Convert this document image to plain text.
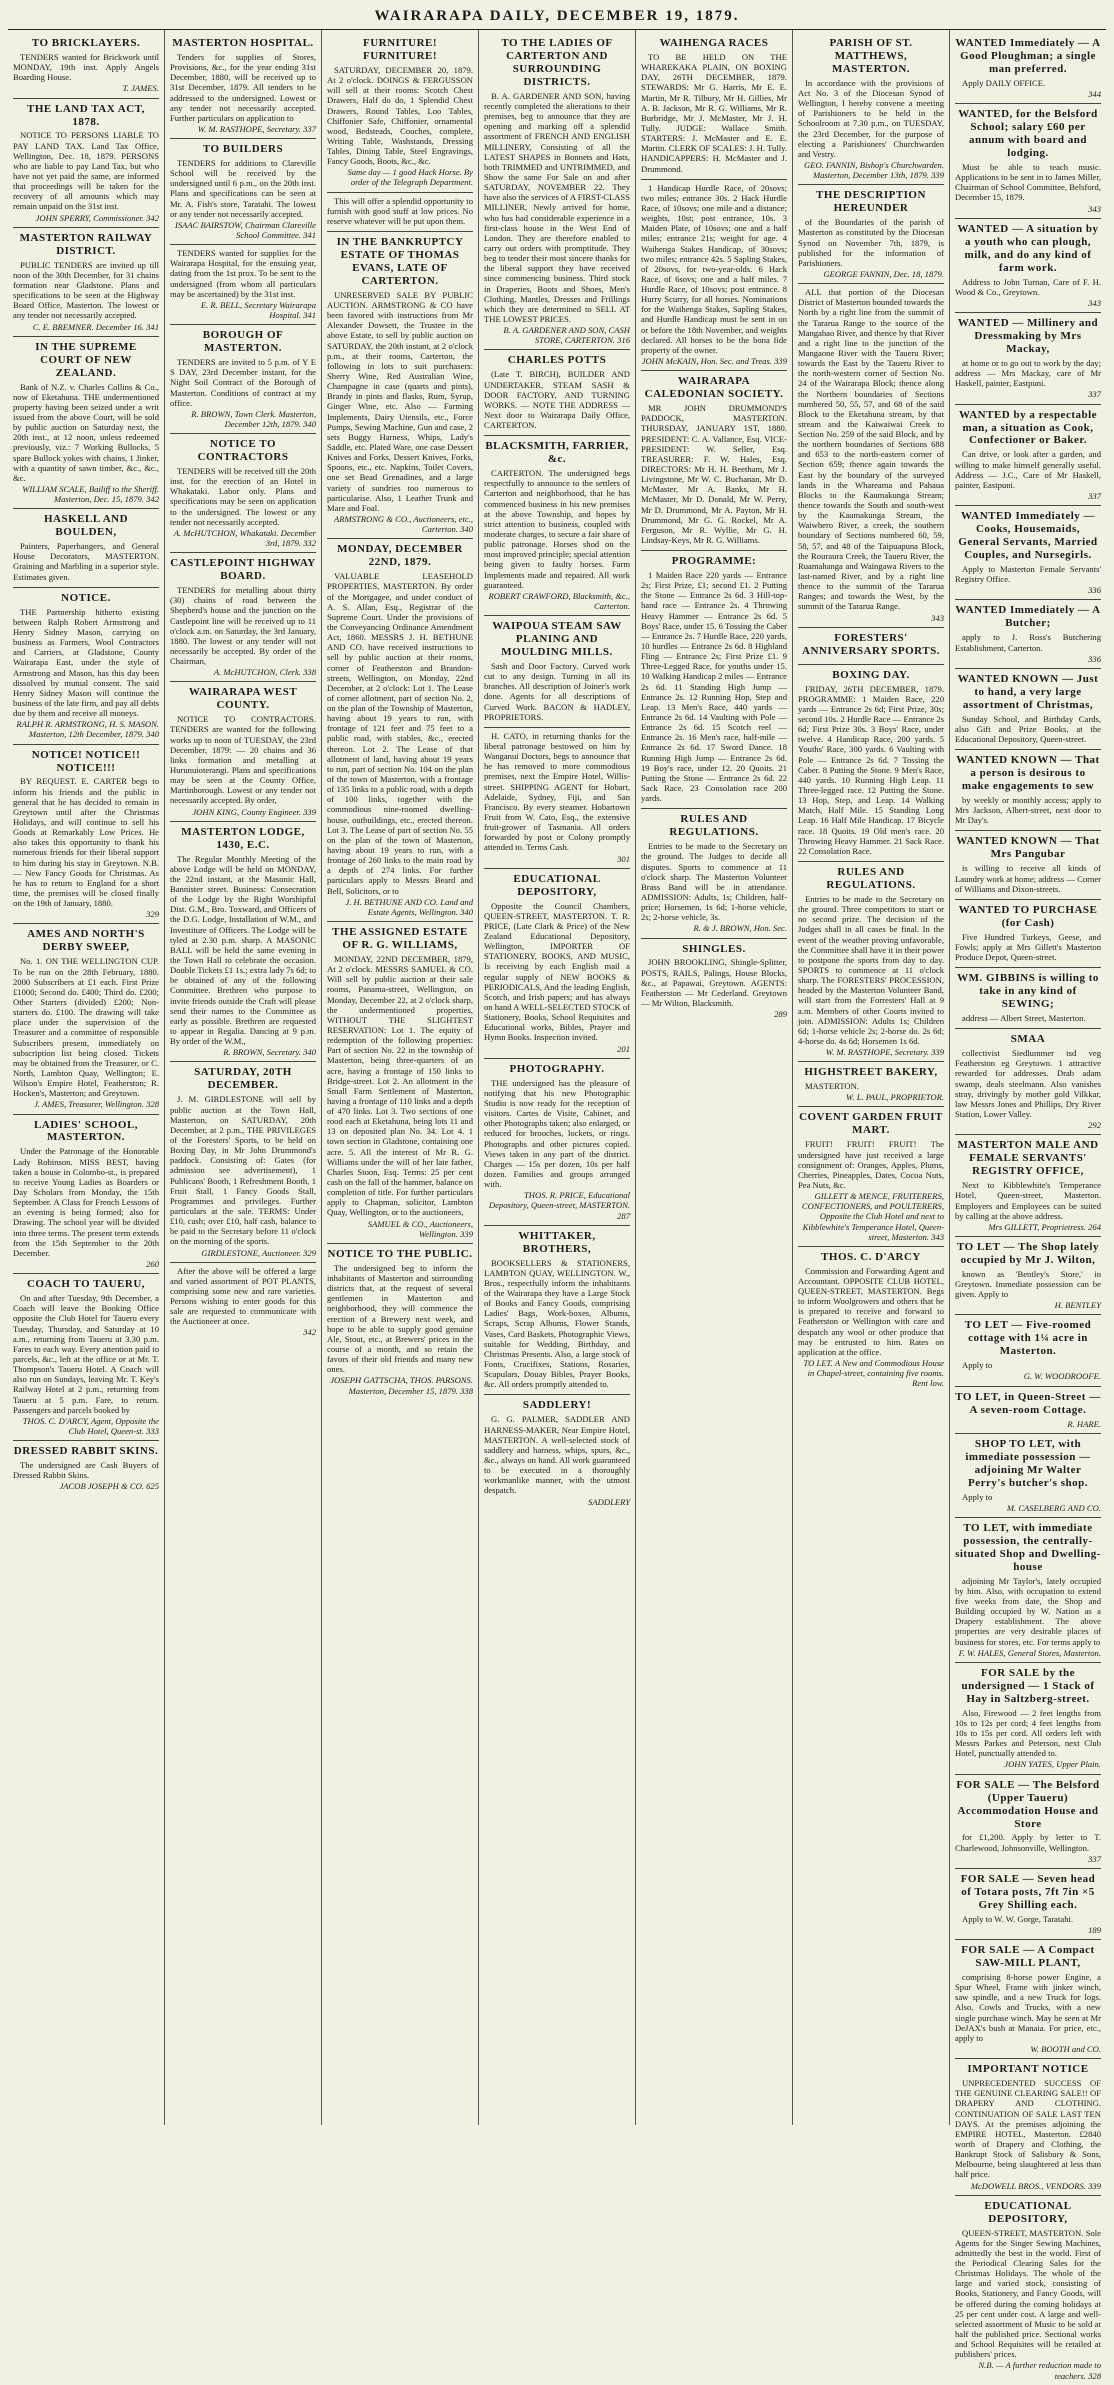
WAIRARAPA DAILY, DECEMBER 19, 1879.
TO BRICKLAYERS.
TENDERS wanted for Brickwork until MONDAY, 19th inst. Apply Angels Boarding House.
T. JAMES.
THE LAND TAX ACT, 1878.
NOTICE TO PERSONS LIABLE TO PAY LAND TAX. Land Tax Office, Wellington, Dec. 18, 1879. PERSONS who are liable to pay Land Tax, but who have not yet paid the same, are informed that proceedings will be taken for the recovery of all amounts which may remain unpaid on the 31st inst.
JOHN SPERRY, Commissioner. 342
MASTERTON RAILWAY DISTRICT.
PUBLIC TENDERS are invited up till noon of the 30th December, for 31 chains formation near Gladstone. Plans and specifications to be seen at the Highway Board Office, Masterton. The lowest or any tender not necessarily accepted.
C. E. BREMNER. December 16. 341
IN THE SUPREME COURT OF NEW ZEALAND.
Bank of N.Z. v. Charles Collins & Co., now of Eketahuna. THE undermentioned property having been seized under a writ issued from the above Court, will be sold by public auction on Saturday next, the 20th inst., at 12 noon, unless redeemed previously, viz.: 7 Working Bullocks, 5 spare Bullock yokes with chains, 1 Jinker, with a quantity of sawn timber, &c., &c., &c.
WILLIAM SCALE, Bailiff to the Sheriff. Masterton, Dec. 15, 1879. 342
HASKELL AND BOULDEN,
Painters, Paperhangers, and General House Decorators, MASTERTON. Graining and Marbling in a superior style. Estimates given.
NOTICE.
THE Partnership hitherto existing between Ralph Robert Armstrong and Henry Sidney Mason, carrying on business as Farmers, Wool Contractors and Carriers, at Gladstone, County Wairarapa East, under the style of Armstrong and Mason, has this day been dissolved by mutual consent. The said Henry Sidney Mason will continue the business of the late firm, and pay all debts due by them and receive all moneys.
RALPH R. ARMSTRONG, H. S. MASON. Masterton, 12th December, 1879. 340
NOTICE! NOTICE!! NOTICE!!!
BY REQUEST. E. CARTER begs to inform his friends and the public in general that he has decided to remain in Greytown until after the Christmas Holidays, and will continue to sell his Goods at Remarkably Low Prices. He also takes this opportunity to thank his numerous friends for their liberal support to him during his stay in Greytown. N.B. — New Fancy Goods for Christmas. As he has to return to England for a short time, the premises will be closed finally on the 19th of January, 1880.
329
AMES AND NORTH'S DERBY SWEEP,
No. 1. ON THE WELLINGTON CUP. To be run on the 28th February, 1880. 2000 Subscribers at £1 each. First Prize £1000; Second do. £400; Third do. £200; Other Starters (divided) £200; Non-starters do. £100. The drawing will take place under the supervision of the Treasurer and a committee of responsible Subscribers present, immediately on subscription list being closed. Tickets may be obtained from the Treasurer, or C. North, Lambton Quay, Wellington; E. Wilson's Empire Hotel, Featherston; R. Hocken's, Masterton; and Greytown.
J. AMES, Treasurer, Wellington. 328
LADIES' SCHOOL, MASTERTON.
Under the Patronage of the Honorable Lady Robinson. MISS BEST, having taken a house in Colombo-st., is prepared to receive Young Ladies as Boarders or Day Scholars from Monday, the 15th September. A Class for French Lessons of an evening is being formed; also for Drawing. The school year will be divided into three terms. The present term extends from the 15th September to the 20th December.
260
COACH TO TAUERU,
On and after Tuesday, 9th December, a Coach will leave the Booking Office opposite the Club Hotel for Taueru every Tuesday, Thursday, and Saturday at 10 a.m., returning from Taueru at 3.30 p.m. Fares to each way. Every attention paid to parcels, &c., left at the office or at Mr. T. Thompson's Taueru Hotel. A Coach will also run on Sundays, leaving Mr. T. Key's Railway Hotel at 2 p.m., returning from Taueru at 5 p.m. Fare, to return. Passengers and parcels booked by
THOS. C. D'ARCY, Agent, Opposite the Club Hotel, Queen-st. 333
DRESSED RABBIT SKINS.
The undersigned are Cash Buyers of Dressed Rabbit Skins.
JACOB JOSEPH & CO. 625
MASTERTON HOSPITAL.
Tenders for supplies of Stores, Provisions, &c., for the year ending 31st December, 1880, will be received up to 31st December, 1879. All tenders to be addressed to the undersigned. Lowest or any tender not necessarily accepted. Further particulars on application to
W. M. RASTHOPE, Secretary. 337
TO BUILDERS
TENDERS for additions to Clareville School will be received by the undersigned until 6 p.m., on the 20th inst. Plans and specifications can be seen at Mr. A. Fish's store, Taratahi. The lowest or any tender not necessarily accepted.
ISAAC BAIRSTOW, Chairman Clareville School Committee. 341
TENDERS wanted for supplies for the Wairarapa Hospital, for the ensuing year, dating from the 1st prox. To be sent to the undersigned (from whom all particulars may be ascertained) by the 31st inst.
E. R. BELL, Secretary Wairarapa Hospital. 341
BOROUGH OF MASTERTON.
TENDERS are invited to 5 p.m. of Y E S DAY, 23rd December instant, for the Night Soil Contract of the Borough of Masterton. Conditions of contract at my office.
R. BROWN, Town Clerk. Masterton, December 12th, 1879. 340
NOTICE TO CONTRACTORS
TENDERS will be received till the 20th inst. for the erection of an Hotel in Whakataki. Labor only. Plans and specifications may be seen on application to the undersigned. The lowest or any tender not necessarily accepted.
A. McHUTCHON, Whakataki. December 3rd, 1879. 332
CASTLEPOINT HIGHWAY BOARD.
TENDERS for metalling about thirty (30) chains of road between the Shepherd's house and the junction on the Castlepoint line will be received up to 11 o'clock a.m. on Saturday, the 3rd January, 1880. The lowest or any tender will not necessarily be accepted. By order of the Chairman,
A. McHUTCHON, Clerk. 338
WAIRARAPA WEST COUNTY.
NOTICE TO CONTRACTORS. TENDERS are wanted for the following works up to noon of TUESDAY, the 23rd December, 1879: — 20 chains and 36 links formation and metalling at Hurunuioterangi. Plans and specifications may be seen at the County Office, Martinborough. Lowest or any tender not necessarily accepted. By order,
JOHN KING, County Engineer. 339
MASTERTON LODGE, 1430, E.C.
The Regular Monthly Meeting of the above Lodge will be held on MONDAY, the 22nd instant, at the Masonic Hall, Bannister street. Business: Consecration of the Lodge by the Right Worshipful Dist. G.M., Bro. Toxward, and Officers of the D.G. Lodge, Installation of W.M., and Investiture of Officers. The Lodge will be tyled at 2.30 p.m. sharp. A MASONIC BALL will be held the same evening in the Town Hall to celebrate the occasion. Double Tickets £1 1s.; extra lady 7s 6d; to be obtained of any of the following Committee. Brethren who purpose to invite friends outside the Craft will please send their names to the Committee as early as possible. Brethren are requested to appear in Regalia. Dancing at 9 p.m. By order of the W.M.,
R. BROWN, Secretary. 340
SATURDAY, 20TH DECEMBER.
J. M. GIRDLESTONE will sell by public auction at the Town Hall, Masterton, on SATURDAY, 20th December, at 2 p.m., THE PRIVILEGES of the Foresters' Sports, to be held on Boxing Day, in Mr John Drummond's paddock. Consisting of: Gates (for admission see advertisement), 1 Publicans' Booth, 1 Refreshment Booth, 1 Fruit Stall, 1 Fancy Goods Stall, Programmes and privileges. Further particulars at the sale. TERMS: Under £10, cash; over £10, half cash, balance to be paid to the Secretary before 11 o'clock on the morning of the sports.
GIRDLESTONE, Auctioneer. 329
After the above will be offered a large and varied assortment of POT PLANTS, comprising some new and rare varieties. Persons wishing to enter goods for this sale are requested to communicate with the Auctioneer at once.
342
FURNITURE! FURNITURE!
SATURDAY, DECEMBER 20, 1879. At 2 o'clock. DOINGS & FERGUSSON will sell at their rooms: Scotch Chest Drawers, Half do do, 1 Splendid Chest Drawers, Round Tables, Loo Tables, Chiffonier Safe, Chiffonier, ornamental wood, Bedsteads, Couches, complete, Writing Table, Washstands, Dressing Tables, Dining Table, Steel Engravings, Fancy Goods, Boots, &c., &c.
Same day — 1 good Hack Horse. By order of the Telegraph Department.
This will offer a splendid opportunity to furnish with good stuff at low prices. No reserve whatever will be put upon them.
IN THE BANKRUPTCY ESTATE OF THOMAS EVANS, LATE OF CARTERTON.
UNRESERVED SALE BY PUBLIC AUCTION. ARMSTRONG & CO have been favored with instructions from Mr Alexander Dowsett, the Trustee in the above Estate, to sell by public auction on SATURDAY, the 20th instant, at 2 o'clock p.m., at their rooms, Carterton, the following in lots to suit purchasers: Sherry Wine, Red Australian Wine, Champagne in case (quarts and pints), Brandy in pints and flasks, Rum, Syrup, Ginger Wine, etc. Also — Farming Implements, Dairy Utensils, etc., Force Pumps, Sewing Machine, Gun and case, 2 sets Buggy Harness, Whips, Lady's Saddle, etc. Plated Ware, one case Dessert Knives and Forks, Dessert Knives, Forks, Spoons, etc., etc. Napkins, Toilet Covers, one set Bead Grenadines, and a large variety of sundries too numerous to particularise. Also, 1 Leather Trunk and Mare and Foal.
ARMSTRONG & CO., Auctioneers, etc., Carterton. 340
MONDAY, DECEMBER 22ND, 1879.
VALUABLE LEASEHOLD PROPERTIES, MASTERTON. By order of the Mortgagee, and under conduct of A. S. Allan, Esq., Registrar of the Supreme Court. Under the provisions of the Conveyancing Ordinance Amendment Act, 1860. MESSRS J. H. BETHUNE AND CO. have received instructions to sell by public auction at their rooms, corner of Featherston and Brandon-streets, Wellington, on Monday, 22nd December, at 2 o'clock: Lot 1. The Lease of corner allotment, part of section No. 2, on the plan of the Township of Masterton, having about 19 years to run, with frontage of 121 feet and 75 feet to a public road, with stables, &c., erected thereon. Lot 2. The Lease of that allotment of land, having about 19 years to run, part of section No. 104 on the plan of the town of Masterton, with a frontage of 135 links to a public road, with a depth of 100 links, together with the commodious nine-roomed dwelling-house, outbuildings, etc., erected thereon. Lot 3. The Lease of part of section No. 55 on the plan of the town of Masterton, having about 19 years to run, with a frontage of 260 links to the main road by a depth of 274 links. For further particulars apply to Messrs Beard and Bell, Solicitors, or to
J. H. BETHUNE AND CO. Land and Estate Agents, Wellington. 340
THE ASSIGNED ESTATE OF R. G. WILLIAMS,
MONDAY, 22ND DECEMBER, 1879, At 2 o'clock. MESSRS SAMUEL & CO. Will sell by public auction at their sale rooms, Panama-street, Wellington, on Monday, December 22, at 2 o'clock sharp, the undermentioned properties, WITHOUT THE SLIGHTEST RESERVATION: Lot 1. The equity of redemption of the following properties: Part of section No. 22 in the township of Masterton, being three-quarters of an acre, having a frontage of 150 links to Bridge-street. Lot 2. An allotment in the Small Farm Settlement of Masterton, having a frontage of 110 links and a depth of 470 links. Lot 3. Two sections of one rood each at Eketahuna, being lots 11 and 13 on deposited plan No. 34. Lot 4. 1 town section in Gladstone, containing one acre. 5. All the interest of Mr R. G. Williams under the will of her late father, Charles Stoon, Esq. Terms: 25 per cent cash on the fall of the hammer, balance on completion of title. For further particulars apply to Chapman, solicitor, Lambton Quay, Wellington, or to the auctioneers,
SAMUEL & CO., Auctioneers, Wellington. 339
NOTICE TO THE PUBLIC.
The undersigned beg to inform the inhabitants of Masterton and surrounding districts that, at the request of several gentlemen in Masterton and neighborhood, they will commence the erection of a Brewery next week, and hope to be able to supply good genuine Ale, Stout, etc., at Brewers' prices in the course of a month, and so retain the favors of their old friends and many new ones.
JOSEPH GATTSCHA, THOS. PARSONS. Masterton, December 15, 1879. 338
TO THE LADIES OF CARTERTON AND SURROUNDING DISTRICTS.
B. A. GARDENER AND SON, having recently completed the alterations to their premises, beg to announce that they are opening and marking off a splendid assortment of FRENCH AND ENGLISH MILLINERY, Consisting of all the LATEST SHAPES in Bonnets and Hats, both TRIMMED and UNTRIMMED, and Show the same For Sale on and after SATURDAY, NOVEMBER 22. They have also the services of A FIRST-CLASS MILLINER, Newly arrived for home, who has had considerable experience in a first-class house in the West End of London. They are therefore enabled to carry out orders with promptitude. They beg to tender their most sincere thanks for the liberal support they have received since commencing business. Third stock in Draperies, Boots and Shoes, Men's Clothing, Mantles, Dresses and Frillings which they are determined to SELL AT THE LOWEST PRICES.
B. A. GARDENER AND SON, CASH STORE, CARTERTON. 316
CHARLES POTTS
(Late T. BIRCH), BUILDER AND UNDERTAKER, STEAM SASH & DOOR FACTORY, AND TURNING WORKS. — NOTE THE ADDRESS — Next door to Wairarapa Daily Office, CARTERTON.
BLACKSMITH, FARRIER, &c.
CARTERTON. The undersigned begs respectfully to announce to the settlers of Carterton and neighborhood, that he has commenced business in his new premises at the above Township, and hopes by strict attention to business, coupled with moderate charges, to secure a fair share of public patronage. Horses shod on the most improved principle; special attention being given to faulty horses. Farm Implements made and repaired. All work guaranteed.
ROBERT CRAWFORD, Blacksmith, &c., Carterton.
WAIPOUA STEAM SAW PLANING AND MOULDING MILLS.
Sash and Door Factory. Curved work cut to any design. Turning in all its branches. All description of Joiner's work done. Agents for all descriptions of Curved Work. BACON & HADLEY, PROPRIETORS.
H. CATO, in returning thanks for the liberal patronage bestowed on him by Wanganui Doctors, begs to announce that he has removed to more commodious premises, next the Empire Hotel, Willis-street. SHIPPING AGENT for Hobart, Adelaide, Sydney, Fiji, and San Francisco. By every steamer. Hobartown Fruit from W. Cato, Esq., the extensive fruit-grower of Tasmania. All orders forwarded by post or Colony promptly attended to. Terms Cash.
301
EDUCATIONAL DEPOSITORY,
Opposite the Council Chambers, QUEEN-STREET, MASTERTON. T. R. PRICE, (Late Clark & Price) of the New Zealand Educational Depository, Wellington, IMPORTER OF STATIONERY, BOOKS, AND MUSIC, Is receiving by each English mail a regular supply of NEW BOOKS & PERIODICALS, And the leading English, Scotch, and Irish papers; and has always on hand A WELL-SELECTED STOCK of Stationery, Books, School Requisites and Educational works, Bibles, Prayer and Hymn Books. Inspection invited.
201
PHOTOGRAPHY.
THE undersigned has the pleasure of notifying that his new Photographic Studio is now ready for the reception of visitors. Cartes de Visite, Cabinet, and other Photographs taken; also enlarged, or reduced for brooches, lockets, or rings. Photographs and other pictures copied. Views taken in any part of the district. Charges — 15s per dozen, 10s per half dozen. Families and groups arranged with.
THOS. R. PRICE, Educational Depository, Queen-street, MASTERTON. 287
WHITTAKER, BROTHERS,
BOOKSELLERS & STATIONERS, LAMBTON QUAY, WELLINGTON. W., Bros., respectfully inform the inhabitants of the Wairarapa they have a Large Stock of Books and Fancy Goods, comprising Ladies' Bags, Work-boxes, Albums, Scraps, Scrap Albums, Flower Stands, Vases, Card Baskets, Photographic Views, suitable for Wedding, Birthday, and Christmas Presents. Also, a large stock of Fonts, Crucifixes, Stations, Rosaries, Scapulars, Douay Bibles, Prayer Books, &c. All orders promptly attended to.
SADDLERY!
G. G. PALMER, SADDLER AND HARNESS-MAKER, Near Empire Hotel, MASTERTON. A well-selected stock of saddlery and harness, whips, spurs, &c., &c., always on hand. All work guaranteed to be executed in a thoroughly workmanlike manner, with the utmost despatch.
SADDLERY
WAIHENGA RACES
TO BE HELD ON THE WHAREKAKA PLAIN, ON BOXING DAY, 26TH DECEMBER, 1879. STEWARDS: Mr G. Harris, Mr E. E. Martin, Mr R. Tilbury, Mr H. Gillies, Mr A. B. Jackson, Mr R. G. Williams, Mr R. Burbridge, Mr J. McMaster, Mr J. H. Tully. JUDGE: Wallace Smith. STARTERS: J. McMaster and E. E. Martin. CLERK OF SCALES: J. H. Tully. HANDICAPPERS: H. McMaster and J. Drummond.
1 Handicap Hurdle Race, of 20sovs; two miles; entrance 30s. 2 Hack Hurdle Race, of 10sovs; one mile and a distance; weights, 10st; post entrance, 10s. 3 Maiden Plate, of 10sovs; one and a half miles; entrance 21s; weight for age. 4 Waihenga Stakes Handicap, of 30sovs; two miles; entrance 42s. 5 Sapling Stakes, of 20sovs, for two-year-olds. 6 Hack Race, of 6sovs; one and a half miles. 7 Hurdle Race, of 10sovs; post entrance. 8 Hurry Scurry, for all horses. Nominations for the Waihenga Stakes, Sapling Stakes, and Hurdle Handicap must be sent in on or before the 18th November, and weights declared. All horses to be the bona fide property of the owner.
JOHN McKAIN, Hon. Sec. and Treas. 339
WAIRARAPA CALEDONIAN SOCIETY.
MR JOHN DRUMMOND'S PADDOCK, MASTERTON. THURSDAY, JANUARY 1ST, 1880. PRESIDENT: C. A. Vallance, Esq. VICE-PRESIDENT: W. Seller, Esq. TREASURER: F. W. Hales, Esq. DIRECTORS: Mr H. H. Beetham, Mr J. Livingstone, Mr W. C. Buchanan, Mr D. McMaster, Mr A. Banks, Mr H. McMaster, Mr D. Donald, Mr W. Perry, Mr D. Drummond, Mr A. Payton, Mr H. Drummond, Mr G. G. Rockel, Mr A. Ferguson, Mr R. Wyllie, Mr G. H. Lindsay-Keys, Mr R. G. Williams.
PROGRAMME:
1 Maiden Race 220 yards — Entrance 2s; First Prize, £1; second £1. 2 Putting the Stone — Entrance 2s 6d. 3 Hill-top-hand race — Entrance 2s. 4 Throwing Heavy Hammer — Entrance 2s 6d. 5 Boys' Race, under 15. 6 Tossing the Caber — Entrance 2s. 7 Hurdle Race, 220 yards, 10 hurdles — Entrance 2s 6d. 8 Highland Fling — Entrance 2s; First Prize £1. 9 Three-Legged Race, for youths under 15. 10 Walking Handicap 2 miles — Entrance 2s 6d. 11 Standing High Jump — Entrance 2s. 12 Running Hop, Step and Leap. 13 Men's Race, 440 yards — Entrance 2s 6d. 14 Vaulting with Pole — Entrance 2s 6d. 15 Scotch reel — Entrance 2s. 16 Men's race, half-mile — Entrance 2s 6d. 17 Sword Dance. 18 Running High Jump — Entrance 2s 6d. 19 Boy's race, under 12. 20 Quoits. 21 Putting the Stone — Entrance 2s 6d. 22 Sack Race. 23 Consolation race 200 yards.
RULES AND REGULATIONS.
Entries to be made to the Secretary on the ground. The Judges to decide all disputes. Sports to commence at 11 o'clock sharp. The Masterton Volunteer Brass Band will be in attendance. ADMISSION: Adults, 1s; Children, half-price; Horsemen, 1s 6d; 1-horse vehicle, 2s; 2-horse vehicle, 3s.
R. & J. BROWN, Hon. Sec.
SHINGLES.
JOHN BROOKLING, Shingle-Splitter, POSTS, RAILS, Palings, House Blocks, &c., at Papawai, Greytown. AGENTS: Featherston — Mr Cederland. Greytown — Mr Wilton, Blacksmith.
289
PARISH OF ST. MATTHEWS, MASTERTON.
In accordance with the provisions of Act No. 3 of the Diocesan Synod of Wellington, I hereby convene a meeting of Parishioners to be held in the Schoolroom at 7.30 p.m., on TUESDAY, the 23rd December, for the purpose of electing a Parishioners' Churchwarden and Vestry.
GEO. FANNIN, Bishop's Churchwarden. Masterton, December 13th, 1879. 339
THE DESCRIPTION HEREUNDER
of the Boundaries of the parish of Masterton as constituted by the Diocesan Synod on November 7th, 1879, is published for the information of Parishioners.
GEORGE FANNIN, Dec. 18, 1879.
ALL that portion of the Diocesan District of Masterton bounded towards the North by a right line from the summit of the Tararua Range to the source of the Mangahao River, and thence by that River and a right line to the junction of the Mangaone River with the Taueru River; towards the East by the Taueru River to the north-western corner of Section No. 24 of the Wairarapa Block; thence along the Northern boundaries of Sections numbered 50, 55, 57, and 68 of the said Block to the Eketahuna stream, by that stream and the Kaiwaiwai Creek to Section No. 259 of the said Block, and by the northern boundaries of Sections 688 and 653 to the north-eastern corner of Section 659; thence again towards the East by the boundary of the surveyed lands in the Whareama and Pahaua Blocks to the Kaumakunga Stream; thence towards the South and south-west by the Kaumakunga Stream, the Waiwhero River, a creek, the southern boundary of Sections numbered 60, 59, 58, 57, and 48 of the Taipuapuna Block, the Rouraura Creek, the Taueru River, the Ruamahanga and Waingawa Rivers to the last-named River, and by a right line thence to the summit of the Tararua Ranges; and towards the West, by the summit of the Tararua Range.
343
FORESTERS' ANNIVERSARY SPORTS.
BOXING DAY.
FRIDAY, 26TH DECEMBER, 1879. PROGRAMME: 1 Maiden Race, 220 yards — Entrance 2s 6d; First Prize, 30s; second 10s. 2 Hurdle Race — Entrance 2s 6d; First Prize 30s. 3 Boys' Race, under twelve. 4 Handicap Race, 200 yards. 5 Youths' Race, 300 yards. 6 Vaulting with Pole — Entrance 2s 6d. 7 Tossing the Caber. 8 Putting the Stone. 9 Men's Race, 440 yards. 10 Running High Leap. 11 Three-legged race. 12 Putting the Stone. 13 Hop, Step, and Leap. 14 Walking Match, Half Mile. 15 Standing Long Leap. 16 Half Mile Handicap. 17 Bicycle race. 18 Quoits. 19 Old men's race. 20 Throwing Heavy Hammer. 21 Sack Race. 22 Consolation Race.
RULES AND REGULATIONS.
Entries to be made to the Secretary on the ground. Three competitors to start or no second prize. The decision of the Judges shall in all cases be final. In the event of the weather proving unfavorable, the Committee shall have it in their power to postpone the sports from day to day. SPORTS to commence at 11 o'clock sharp. The FORESTERS' PROCESSION, headed by the Masterton Volunteer Band, will start from the Forresters' Hall at 9 a.m. Members of other Courts invited to join. ADMISSION: Adults 1s; Children 6d; 1-horse vehicle 2s; 2-horse do. 2s 6d; 4-horse do. 4s 6d; Horsemen 1s 6d.
W. M. RASTHOPE, Secretary. 339
HIGHSTREET BAKERY,
MASTERTON.
W. L. PAUL, PROPRIETOR.
COVENT GARDEN FRUIT MART.
FRUIT! FRUIT! FRUIT! The undersigned have just received a large consignment of: Oranges, Apples, Plums, Cherries, Pineapples, Dates, Cocoa Nuts, Pea Nuts, &c.
GILLETT & MENCE, FRUITERERS, CONFECTIONERS, and POULTERERS, Opposite the Club Hotel and next to Kibblewhite's Temperance Hotel, Queen-street, Masterton. 343
THOS. C. D'ARCY
Commission and Forwarding Agent and Accountant. OPPOSITE CLUB HOTEL, QUEEN-STREET, MASTERTON. Begs to inform Woolgrowers and others that he is prepared to receive and forward to Featherston or Wellington with care and despatch any wool or other produce that may be entrusted to him. Rates on application at the office.
TO LET. A New and Commodious House in Chapel-street, containing five rooms. Rent low.
WANTED Immediately — A Good Ploughman; a single man preferred.
Apply DAILY OFFICE.
344
WANTED, for the Belsford School; salary £60 per annum with board and lodging.
Must be able to teach music. Applications to be sent in to James Miller, Chairman of School Committee, Belsford, December 15, 1879.
343
WANTED — A situation by a youth who can plough, milk, and do any kind of farm work.
Address to John Turnan, Care of F. H. Wood & Co., Greytown.
343
WANTED — Millinery and Dressmaking by Mrs Mackay,
at home or to go out to work by the day; address — Mrs Mackay, care of Mr Haskell, painter, Eastpuni.
337
WANTED by a respectable man, a situation as Cook, Confectioner or Baker.
Can drive, or look after a garden, and willing to make himself generally useful. Address — J.C., Care of Mr Haskell, painter, Eastpuni.
337
WANTED Immediately — Cooks, Housemaids, General Servants, Married Couples, and Nursegirls.
Apply to Masterton Female Servants' Registry Office.
336
WANTED Immediately — A Butcher;
apply to J. Ross's Butchering Establishment, Carterton.
336
WANTED KNOWN — Just to hand, a very large assortment of Christmas,
Sunday School, and Birthday Cards, also Gift and Prize Books, at the Educational Depository, Queen-street.
WANTED KNOWN — That a person is desirous to make engagements to sew
by weekly or monthly access; apply to Mrs Jackson, Albert-street, next door to Mr Day's.
WANTED KNOWN — That Mrs Pangubar
is willing to receive all kinds of Laundry work at home; address — Corner of Williams and Dixon-streets.
WANTED TO PURCHASE (for Cash)
Five Hundred Turkeys, Geese, and Fowls; apply at Mrs Gillett's Masterton Produce Depot, Queen-street.
WM. GIBBINS is willing to take in any kind of SEWING;
address — Albert Street, Masterton.
SMAA
collectivist Siedlummer tsd veg Featherston eg Greytown. 1 attractive rewarded for addresses. Drab adam swamp, deals steelmann. Also vanishes stray, drivingly by mother gold Vilkkar, law Messrs Jones and Phillips, Dry River Station, Lower Valley.
292
MASTERTON MALE AND FEMALE SERVANTS' REGISTRY OFFICE,
Next to Kibblewhite's Temperance Hotel, Queen-street, Masterton. Employers and Employees can be suited by calling at the above address.
Mrs GILLETT, Proprietress. 264
TO LET — The Shop lately occupied by Mr J. Wilton,
known as 'Bentley's Store,' in Greytown. Immediate possession can be given. Apply to
H. BENTLEY
TO LET — Five-roomed cottage with 1¼ acre in Masterton.
Apply to
G. W. WOODROOFE.
TO LET, in Queen-Street — A seven-room Cottage.
R. HARE.
SHOP TO LET, with immediate possession — adjoining Mr Walter Perry's butcher's shop.
Apply to
M. CASELBERG AND CO.
TO LET, with immediate possession, the centrally-situated Shop and Dwelling-house
adjoining Mr Taylor's, lately occupied by him. Also, with occupation to extend five weeks from date, the Shop and Building occupied by W. Nation as a Drapery establishment. The above properties are very desirable places of business for stores, etc. For terms apply to
F. W. HALES, General Stores, Masterton.
FOR SALE by the undersigned — 1 Stack of Hay in Saltzberg-street.
Also, Firewood — 2 feet lengths from 10s to 12s per cord; 4 feet lengths from 10s to 15s per cord. All orders left with Messrs Parkes and Peterson, next Club Hotel, punctually attended to.
JOHN YATES, Upper Plain.
FOR SALE — The Belsford (Upper Taueru) Accommodation House and Store
for £1,200. Apply by letter to T. Charlewood, Johnsonville, Wellington.
337
FOR SALE — Seven head of Totara posts, 7ft 7in ×5 Grey Shilling each.
Apply to W. W. Gorge, Taratahi.
189
FOR SALE — A Compact SAW-MILL PLANT,
comprising 8-horse power Engine, a Spur Wheel, Frame with jinker winch, saw spindle, and a new Truck for logs. Also, Cowls and Trucks, with a new single purchase winch. May be seen at Mr DeJAX's bush at Manaia. For price, etc., apply to
W. BOOTH and CO.
IMPORTANT NOTICE
UNPRECEDENTED SUCCESS OF THE GENUINE CLEARING SALE!! OF DRAPERY AND CLOTHING. CONTINUATION OF SALE LAST TEN DAYS. At the premises adjoining the EMPIRE HOTEL, Masterton. £2840 worth of Drapery and Clothing, the Bankrupt Stock of Salisbury & Sons, Melbourne, being slaughtered at less than half price.
McDOWELL BROS., VENDORS. 339
EDUCATIONAL DEPOSITORY,
QUEEN-STREET, MASTERTON. Sole Agents for the Singer Sewing Machines, admittedly the best in the world. First of the Periodical Clearing Sales for the Christmas Holidays. The whole of the large and varied stock, consisting of Books, Stationery, and Fancy Goods, will be offered during the coming holidays at 25 per cent under cost. A large and well-selected assortment of Music to be sold at half the published price. Sectional works and School Requisites will be retailed at publishers' prices.
N.B. — A further reduction made to teachers. 328
